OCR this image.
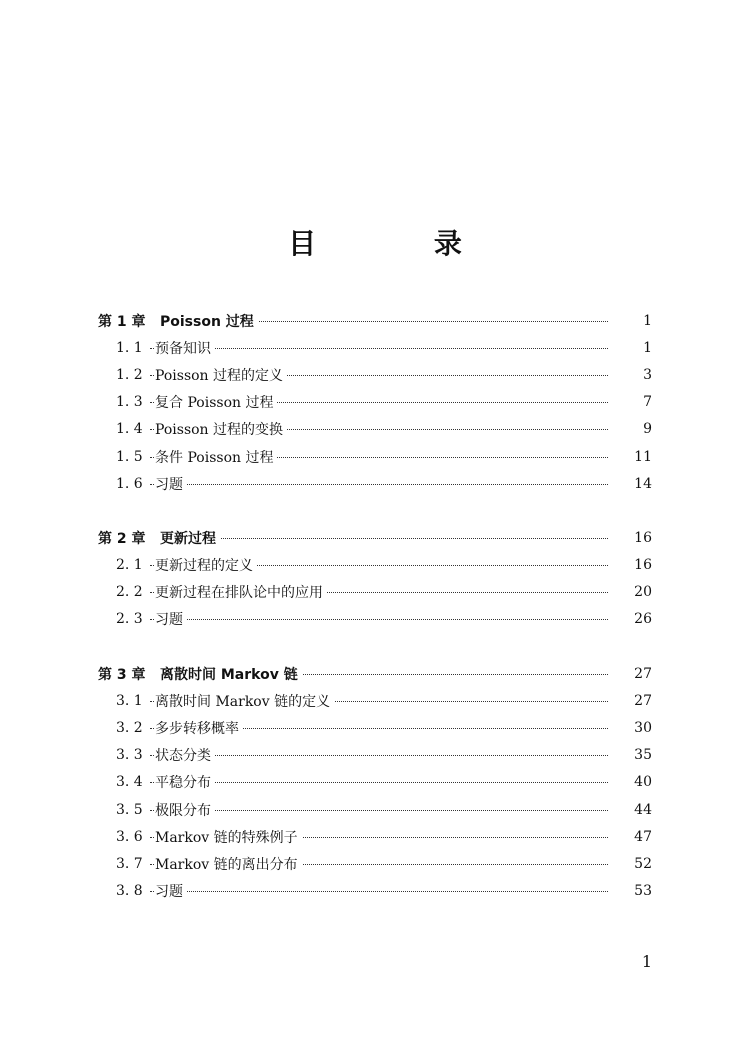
目 录
第 1 章 Poisson 过程	1
1. 1 预备知识	1
1. 2 Poisson 过程的定义	3
1. 3 复合 Poisson 过程	7
1. 4 Poisson 过程的变换	9
1. 5 条件 Poisson 过程	11
1. 6 习题	14
第 2 章 更新过程	16
2. 1 更新过程的定义	16
2. 2 更新过程在排队论中的应用	20
2. 3 习题	26
第 3 章 离散时间 Markov 链	27
3. 1 离散时间 Markov 链的定义	27
3. 2 多步转移概率	30
3. 3 状态分类	35
3. 4 平稳分布	40
3. 5 极限分布	44
3. 6 Markov 链的特殊例子	47
3. 7 Markov 链的离出分布	52
3. 8 习题	53
1
